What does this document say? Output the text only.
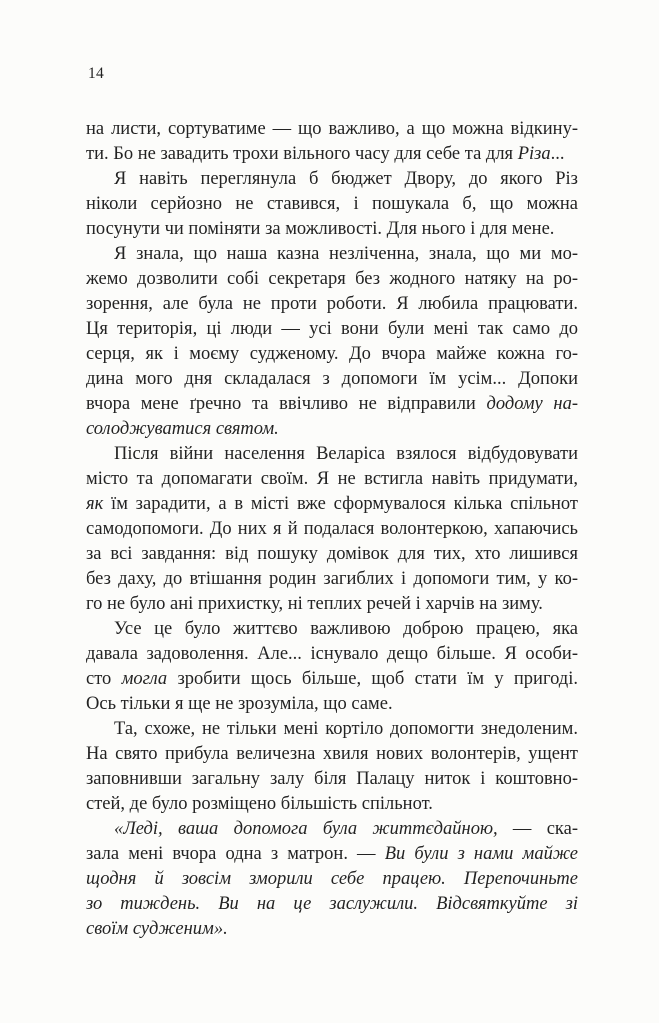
14
на листи, сортуватиме — що важливо, а що можна відкину-
ти. Бо не завадить трохи вільного часу для себе та для Різа...
Я навіть переглянула б бюджет Двору, до якого Різ
ніколи серйозно не ставився, і пошукала б, що можна
посунути чи поміняти за можливості. Для нього і для мене.
Я знала, що наша казна незліченна, знала, що ми мо-
жемо дозволити собі секретаря без жодного натяку на ро-
зорення, але була не проти роботи. Я любила працювати.
Ця територія, ці люди — усі вони були мені так само до
серця, як і моєму судженому. До вчора майже кожна го-
дина мого дня складалася з допомоги їм усім... Допоки
вчора мене ґречно та ввічливо не відправили додому на-
солоджуватися святом.
Після війни населення Веларіса взялося відбудовувати
місто та допомагати своїм. Я не встигла навіть придумати,
як їм зарадити, а в місті вже сформувалося кілька спільнот
самодопомоги. До них я й подалася волонтеркою, хапаючись
за всі завдання: від пошуку домівок для тих, хто лишився
без даху, до втішання родин загиблих і допомоги тим, у ко-
го не було ані прихистку, ні теплих речей і харчів на зиму.
Усе це було життєво важливою доброю працею, яка
давала задоволення. Але... існувало дещо більше. Я особи-
сто могла зробити щось більше, щоб стати їм у пригоді.
Ось тільки я ще не зрозуміла, що саме.
Та, схоже, не тільки мені кортіло допомогти знедоленим.
На свято прибула величезна хвиля нових волонтерів, ущент
заповнивши загальну залу біля Палацу ниток і коштовно-
стей, де було розміщено більшість спільнот.
«Леді, ваша допомога була життєдайною, — ска-
зала мені вчора одна з матрон. — Ви були з нами майже
щодня й зовсім зморили себе працею. Перепочиньте
зо тиждень. Ви на це заслужили. Відсвяткуйте зі
своїм судженим».
